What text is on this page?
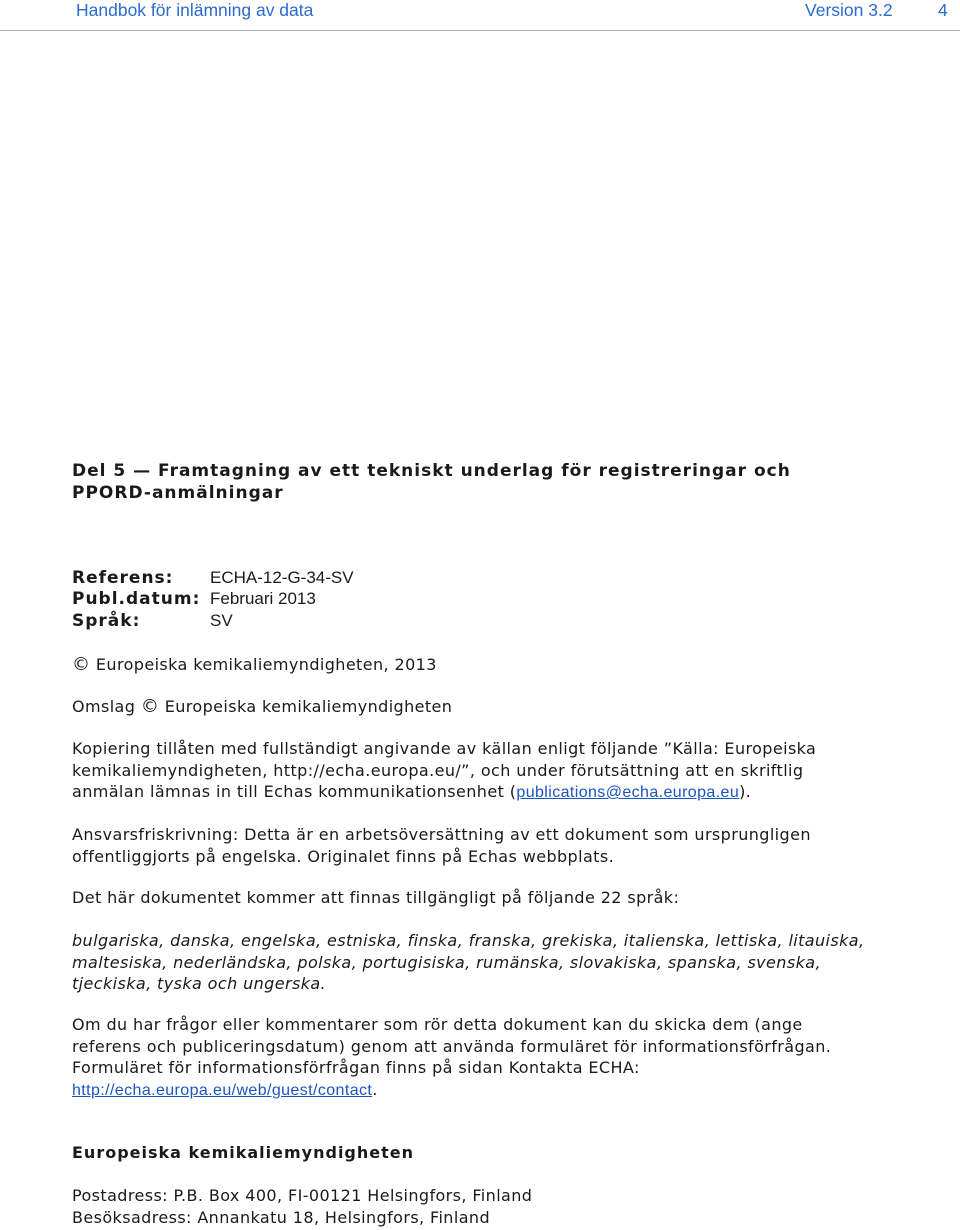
Handbok för inlämning av data	Version 3.2	4
Del 5 — Framtagning av ett tekniskt underlag för registreringar och PPORD-anmälningar
Referens: ECHA-12-G-34-SV
Publ.datum: Februari 2013
Språk:	SV
© Europeiska kemikaliemyndigheten, 2013
Omslag © Europeiska kemikaliemyndigheten
Kopiering tillåten med fullständigt angivande av källan enligt följande ”Källa: Europeiska kemikaliemyndigheten, http://echa.europa.eu/”, och under förutsättning att en skriftlig anmälan lämnas in till Echas kommunikationsenhet (publications@echa.europa.eu).
Ansvarsfriskrivning: Detta är en arbetsöversättning av ett dokument som ursprungligen offentliggjorts på engelska. Originalet finns på Echas webbplats.
Det här dokumentet kommer att finnas tillgängligt på följande 22 språk:
bulgariska, danska, engelska, estniska, finska, franska, grekiska, italienska, lettiska, litauiska, maltesiska, nederländska, polska, portugisiska, rumänska, slovakiska, spanska, svenska, tjeckiska, tyska och ungerska.
Om du har frågor eller kommentarer som rör detta dokument kan du skicka dem (ange referens och publiceringsdatum) genom att använda formuläret för informationsförfrågan. Formuläret för informationsförfrågan finns på sidan Kontakta ECHA: http://echa.europa.eu/web/guest/contact.
Europeiska kemikaliemyndigheten
Postadress: P.B. Box 400, FI-00121 Helsingfors, Finland
Besöksadress: Annankatu 18, Helsingfors, Finland
